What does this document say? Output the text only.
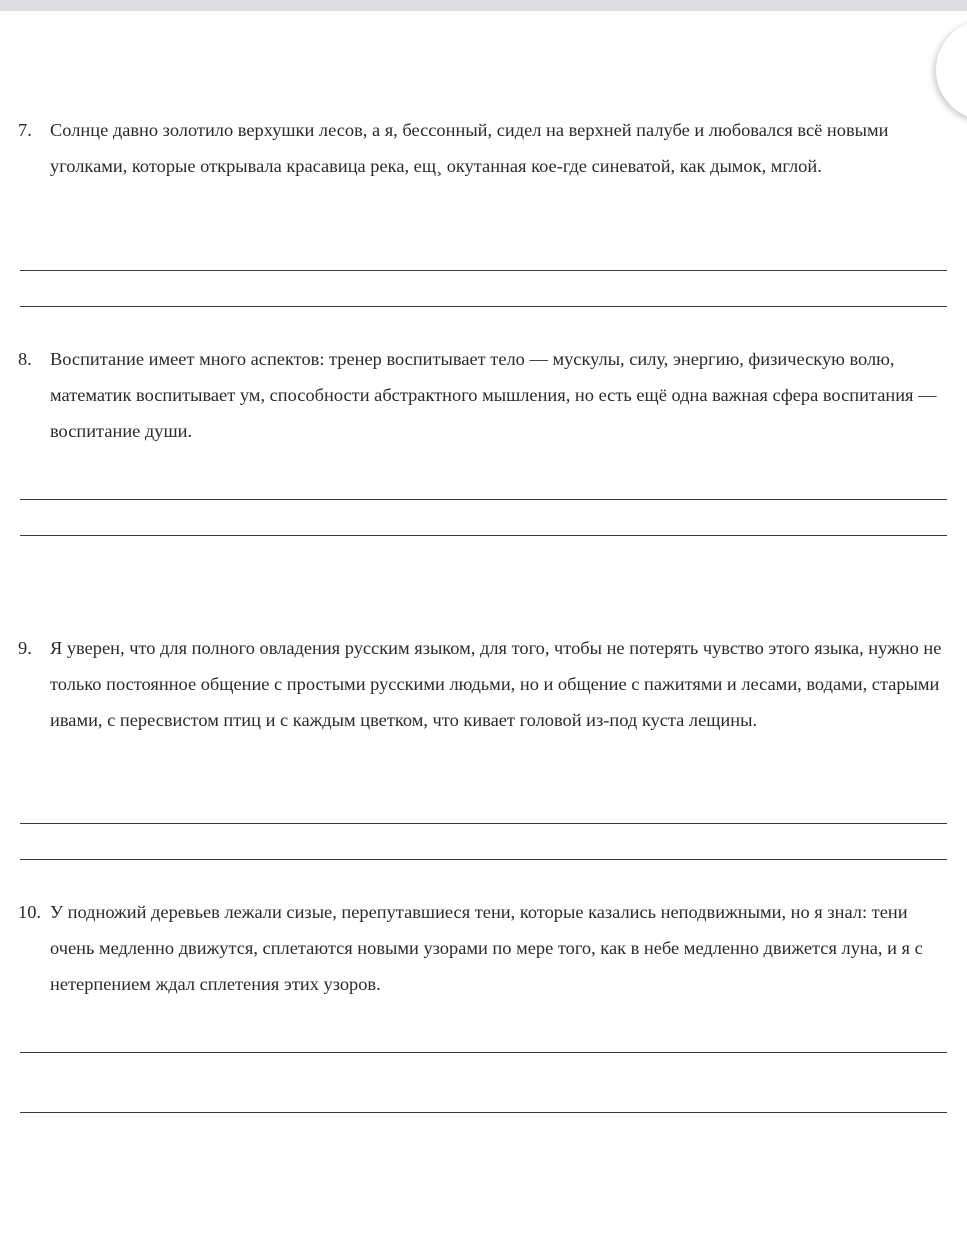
7. Солнце давно золотило верхушки лесов, а я, бессонный, сидел на верхней палубе и любовался всё новыми уголками, которые открывала красавица река, ещ¸ окутанная кое-где синеватой, как дымок, мглой.
8. Воспитание имеет много аспектов: тренер воспитывает тело — мускулы, силу, энергию, физическую волю, математик воспитывает ум, способности абстрактного мышления, но есть ещё одна важная сфера воспитания — воспитание души.
9. Я уверен, что для полного овладения русским языком, для того, чтобы не потерять чувство этого языка, нужно не только постоянное общение с простыми русскими людьми, но и общение с пажитями и лесами, водами, старыми ивами, с пересвистом птиц и с каждым цветком, что кивает головой из-под куста лещины.
10. У подножий деревьев лежали сизые, перепутавшиеся тени, которые казались неподвижными, но я знал: тени очень медленно движутся, сплетаются новыми узорами по мере того, как в небе медленно движется луна, и я с нетерпением ждал сплетения этих узоров.
